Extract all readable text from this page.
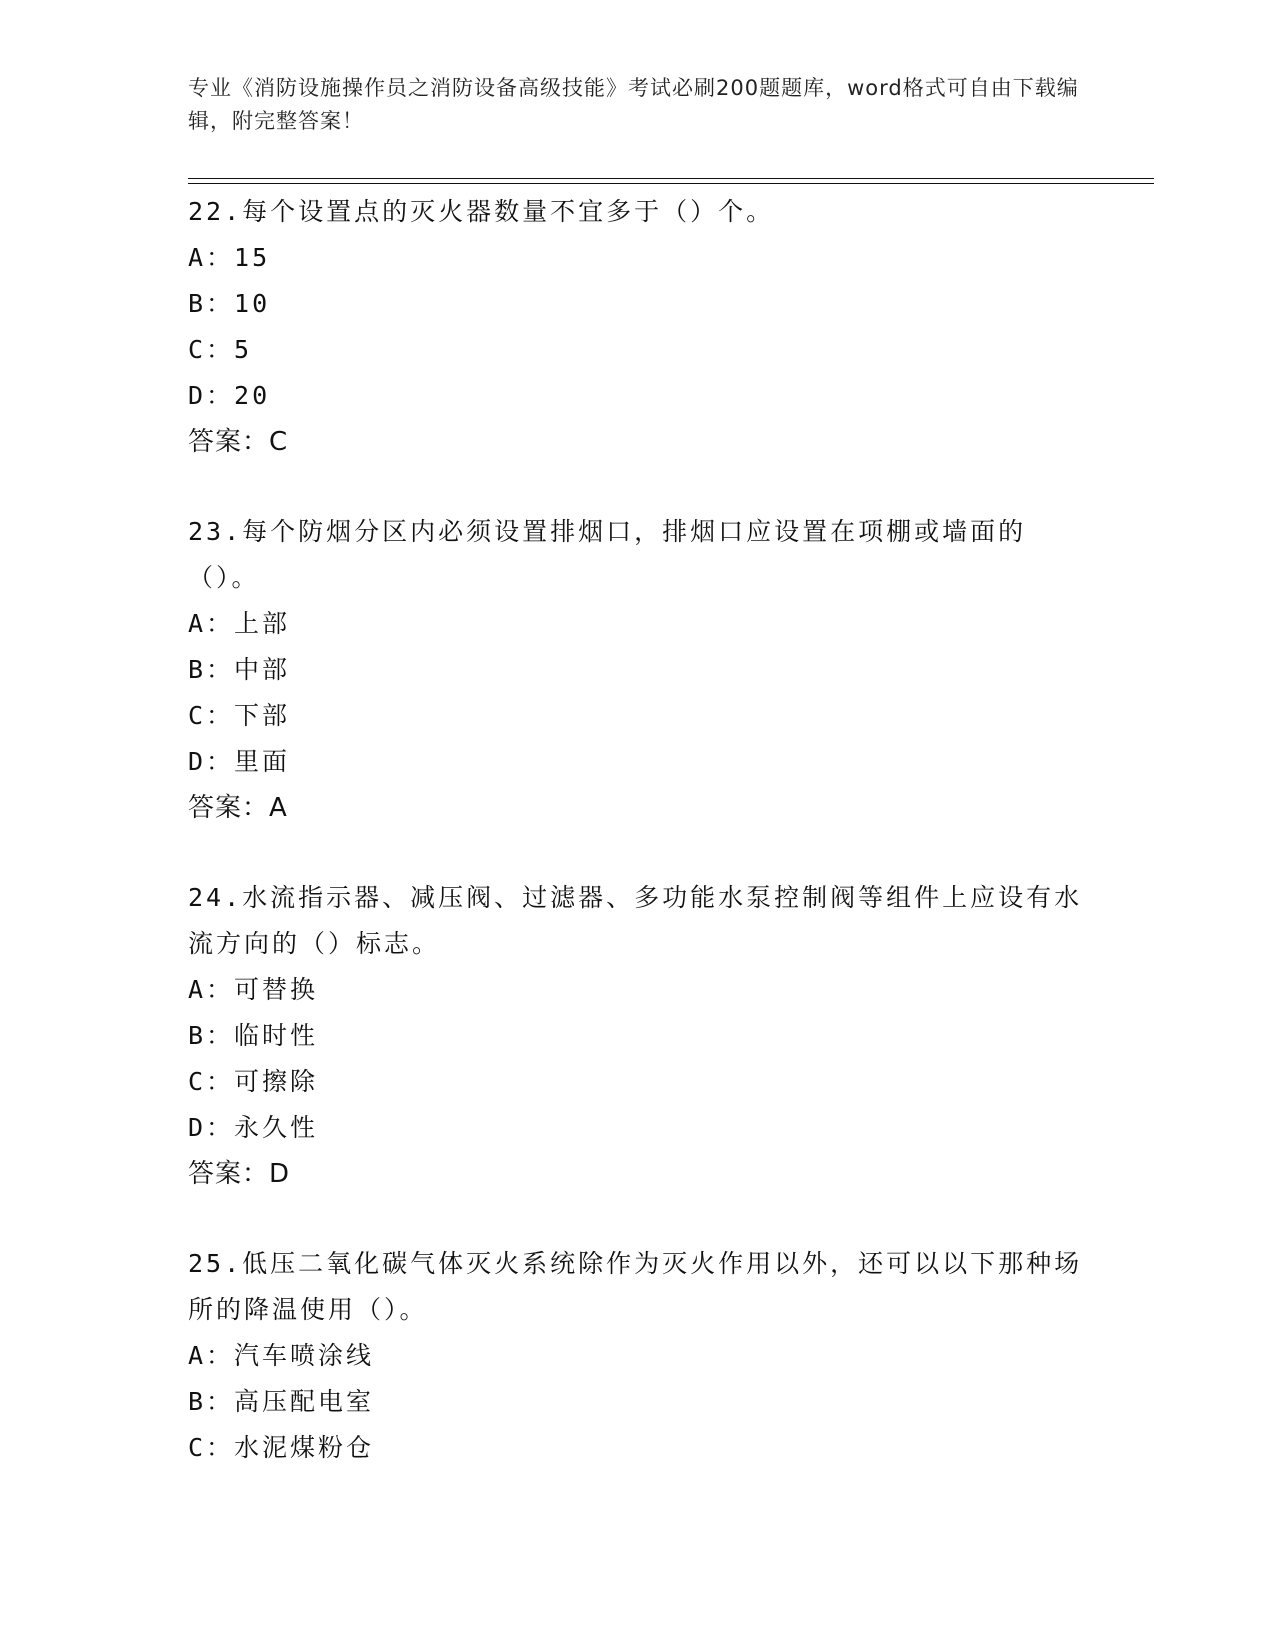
专业《消防设施操作员之消防设备高级技能》考试必刷200题题库，word格式可自由下载编辑，附完整答案！

22.每个设置点的灭火器数量不宜多于（）个。

A：15

B：10

C：5

D：20

答案：C

23.每个防烟分区内必须设置排烟口，排烟口应设置在项棚或墙面的（）。

A：上部

B：中部

C：下部

D：里面

答案：A

24.水流指示器、减压阀、过滤器、多功能水泵控制阀等组件上应设有水流方向的（）标志。

A：可替换

B：临时性

C：可擦除

D：永久性

答案：D

25.低压二氧化碳气体灭火系统除作为灭火作用以外，还可以以下那种场所的降温使用（）。

A：汽车喷涂线

B：高压配电室

C：水泥煤粉仓
